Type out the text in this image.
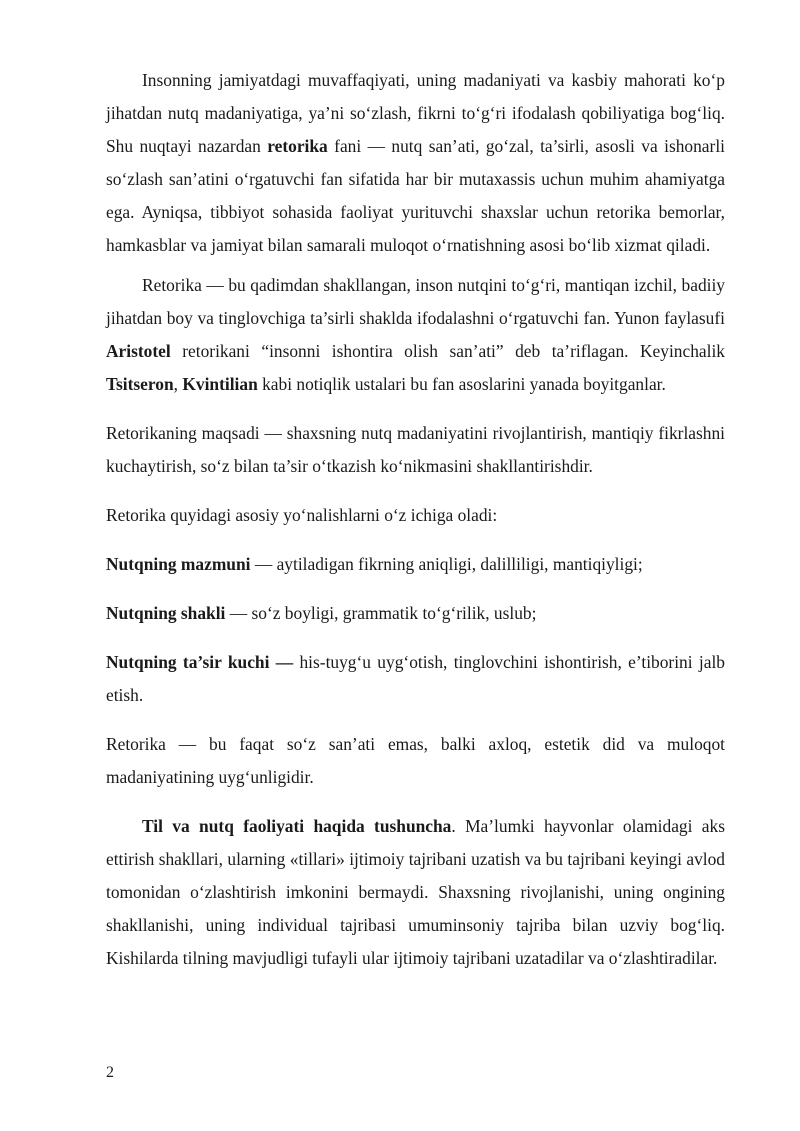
Insonning jamiyatdagi muvaffaqiyati, uning madaniyati va kasbiy mahorati ko‘p jihatdan nutq madaniyatiga, ya’ni so‘zlash, fikrni to‘g‘ri ifodalash qobiliyatiga bog‘liq. Shu nuqtayi nazardan retorika fani — nutq san’ati, go‘zal, ta’sirli, asosli va ishonarli so‘zlash san’atini o‘rgatuvchi fan sifatida har bir mutaxassis uchun muhim ahamiyatga ega. Ayniqsa, tibbiyot sohasida faoliyat yurituvchi shaxslar uchun retorika bemorlar, hamkasblar va jamiyat bilan samarali muloqot o‘rnatishning asosi bo‘lib xizmat qiladi.

Retorika — bu qadimdan shakllangan, inson nutqini to‘g‘ri, mantiqan izchil, badiiy jihatdan boy va tinglovchiga ta’sirli shaklda ifodalashni o‘rgatuvchi fan. Yunon faylasufi Aristotel retorikani “insonni ishontira olish san’ati” deb ta’riflagan. Keyinchalik Tsitseron, Kvintilian kabi notiqlik ustalari bu fan asoslarini yanada boyitganlar.

Retorikaning maqsadi — shaxsning nutq madaniyatini rivojlantirish, mantiqiy fikrlashni kuchaytirish, so‘z bilan ta’sir o‘tkazish ko‘nikmasini shakllantirishdir.

Retorika quyidagi asosiy yo‘nalishlarni o‘z ichiga oladi:

Nutqning mazmuni — aytiladigan fikrning aniqligi, dalilliligi, mantiqiyligi;

Nutqning shakli — so‘z boyligi, grammatik to‘g‘rilik, uslub;

Nutqning ta’sir kuchi — his-tuyg‘u uyg‘otish, tinglovchini ishontirish, e’tiborini jalb etish.

Retorika — bu faqat so‘z san’ati emas, balki axloq, estetik did va muloqot madaniyatining uyg‘unligidir.

Til va nutq faoliyati haqida tushuncha. Ma’lumki hayvonlar olamidagi aks ettirish shakllari, ularning «tillari» ijtimoiy tajribani uzatish va bu tajribani keyingi avlod tomonidan o‘zlashtirish imkonini bermaydi. Shaxsning rivojlanishi, uning ongining shakllanishi, uning individual tajribasi umuminsoniy tajriba bilan uzviy bog‘liq. Kishilarda tilning mavjudligi tufayli ular ijtimoiy tajribani uzatadilar va o‘zlashtiradilar.

2
